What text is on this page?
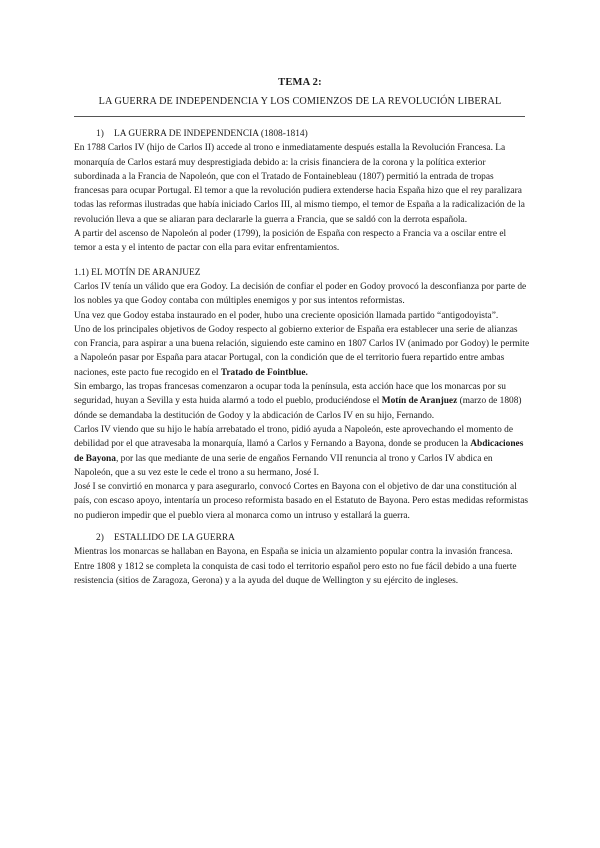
TEMA 2:
LA GUERRA DE INDEPENDENCIA Y LOS COMIENZOS DE LA REVOLUCIÓN LIBERAL

1) LA GUERRA DE INDEPENDENCIA (1808-1814)

En 1788 Carlos IV (hijo de Carlos II) accede al trono e inmediatamente después estalla la Revolución Francesa. La monarquía de Carlos estará muy desprestigiada debido a: la crisis financiera de la corona y la política exterior subordinada a la Francia de Napoleón, que con el Tratado de Fontainebleau (1807) permitió la entrada de tropas francesas para ocupar Portugal. El temor a que la revolución pudiera extenderse hacia España hizo que el rey paralizara todas las reformas ilustradas que había iniciado Carlos III, al mismo tiempo, el temor de España a la radicalización de la revolución lleva a que se aliaran para declararle la guerra a Francia, que se saldó con la derrota española.

A partir del ascenso de Napoleón al poder (1799), la posición de España con respecto a Francia va a oscilar entre el temor a esta y el intento de pactar con ella para evitar enfrentamientos.

1.1) EL MOTÍN DE ARANJUEZ

Carlos IV tenía un válido que era Godoy. La decisión de confiar el poder en Godoy provocó la desconfianza por parte de los nobles ya que Godoy contaba con múltiples enemigos y por sus intentos reformistas.

Una vez que Godoy estaba instaurado en el poder, hubo una creciente oposición llamada partido “antigodoyista”.

Uno de los principales objetivos de Godoy respecto al gobierno exterior de España era establecer una serie de alianzas con Francia, para aspirar a una buena relación, siguiendo este camino en 1807 Carlos IV (animado por Godoy) le permite a Napoleón pasar por España para atacar Portugal, con la condición que de el territorio fuera repartido entre ambas naciones, este pacto fue recogido en el Tratado de Fointblue.

Sin embargo, las tropas francesas comenzaron a ocupar toda la península, esta acción hace que los monarcas por su seguridad, huyan a Sevilla y esta huida alarmó a todo el pueblo, produciéndose el Motín de Aranjuez (marzo de 1808) dónde se demandaba la destitución de Godoy y la abdicación de Carlos IV en su hijo, Fernando.

Carlos IV viendo que su hijo le había arrebatado el trono, pidió ayuda a Napoleón, este aprovechando el momento de debilidad por el que atravesaba la monarquía, llamó a Carlos y Fernando a Bayona, donde se producen la Abdicaciones de Bayona, por las que mediante de una serie de engaños Fernando VII renuncia al trono y Carlos IV abdica en Napoleón, que a su vez este le cede el trono a su hermano, José I.

José I se convirtió en monarca y para asegurarlo, convocó Cortes en Bayona con el objetivo de dar una constitución al país, con escaso apoyo, intentaría un proceso reformista basado en el Estatuto de Bayona. Pero estas medidas reformistas no pudieron impedir que el pueblo viera al monarca como un intruso y estallará la guerra.

2) ESTALLIDO DE LA GUERRA

Mientras los monarcas se hallaban en Bayona, en España se inicia un alzamiento popular contra la invasión francesa.

Entre 1808 y 1812 se completa la conquista de casi todo el territorio español pero esto no fue fácil debido a una fuerte resistencia (sitios de Zaragoza, Gerona) y a la ayuda del duque de Wellington y su ejército de ingleses.
